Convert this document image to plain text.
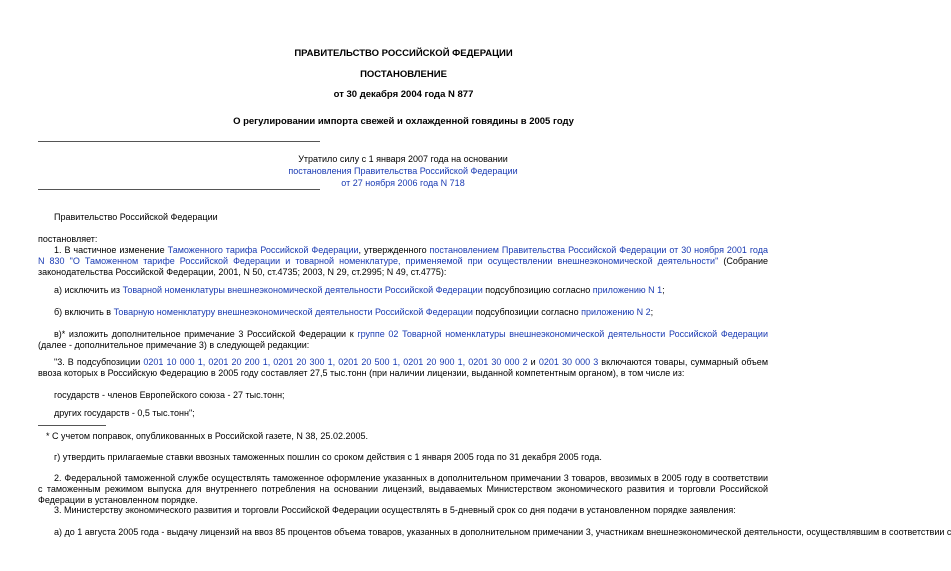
ПРАВИТЕЛЬСТВО РОССИЙСКОЙ ФЕДЕРАЦИИ
ПОСТАНОВЛЕНИЕ
от 30 декабря 2004 года N 877
О регулировании импорта свежей и охлажденной говядины в 2005 году
Утратило силу с 1 января 2007 года на основании
постановления Правительства Российской Федерации
от 27 ноября 2006 года N 718
Правительство Российской Федерации
постановляет:
1. В частичное изменение Таможенного тарифа Российской Федерации, утвержденного постановлением Правительства Российской Федерации от 30 ноября 2001 года N 830 "О Таможенном тарифе Российской Федерации и товарной номенклатуре, применяемой при осуществлении внешнеэкономической деятельности" (Собрание законодательства Российской Федерации, 2001, N 50, ст.4735; 2003, N 29, ст.2995; N 49, ст.4775):
а) исключить из Товарной номенклатуры внешнеэкономической деятельности Российской Федерации подсубпозицию согласно приложению N 1;
б) включить в Товарную номенклатуру внешнеэкономической деятельности Российской Федерации подсубпозиции согласно приложению N 2;
в)* изложить дополнительное примечание 3 Российской Федерации к группе 02 Товарной номенклатуры внешнеэкономической деятельности Российской Федерации (далее - дополнительное примечание 3) в следующей редакции:
"3. В подсубпозиции 0201 10 000 1, 0201 20 200 1, 0201 20 300 1, 0201 20 500 1, 0201 20 900 1, 0201 30 000 2 и 0201 30 000 3 включаются товары, суммарный объем ввоза которых в Российскую Федерацию в 2005 году составляет 27,5 тыс.тонн (при наличии лицензии, выданной компетентным органом), в том числе из:
государств - членов Европейского союза - 27 тыс.тонн;
других государств - 0,5 тыс.тонн";
* С учетом поправок, опубликованных в Российской газете, N 38, 25.02.2005.
г) утвердить прилагаемые ставки ввозных таможенных пошлин со сроком действия с 1 января 2005 года по 31 декабря 2005 года.
2. Федеральной таможенной службе осуществлять таможенное оформление указанных в дополнительном примечании 3 товаров, ввозимых в 2005 году в соответствии с таможенным режимом выпуска для внутреннего потребления на основании лицензий, выдаваемых Министерством экономического развития и торговли Российской Федерации в установленном порядке.
3. Министерству экономического развития и торговли Российской Федерации осуществлять в 5-дневный срок со дня подачи в установленном порядке заявления:
а) до 1 августа 2005 года - выдачу лицензий на ввоз 85 процентов объема товаров, указанных в дополнительном примечании 3, участникам внешнеэкономической деятельности, осуществлявшим в соответствии с
